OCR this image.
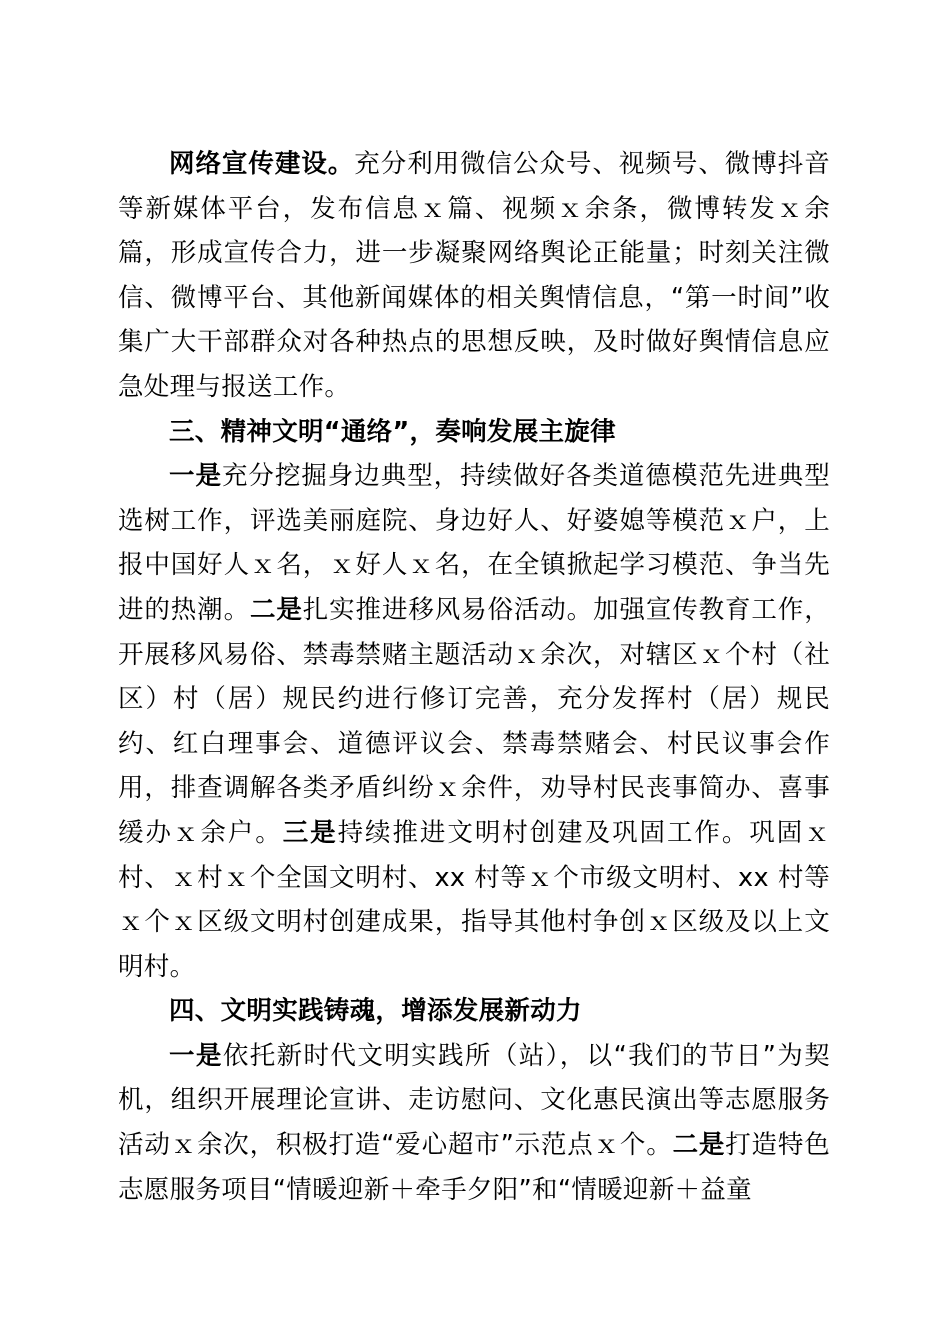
网络宣传建设。充分利用微信公众号、视频号、微博抖音等新媒体平台，发布信息ｘ篇、视频ｘ余条，微博转发ｘ余篇，形成宣传合力，进一步凝聚网络舆论正能量；时刻关注微信、微博平台、其他新闻媒体的相关舆情信息，“第一时间”收集广大干部群众对各种热点的思想反映，及时做好舆情信息应急处理与报送工作。

三、精神文明“通络”，奏响发展主旋律

一是充分挖掘身边典型，持续做好各类道德模范先进典型选树工作，评选美丽庭院、身边好人、好婆媳等模范ｘ户，上报中国好人ｘ名，ｘ好人ｘ名，在全镇掀起学习模范、争当先进的热潮。二是扎实推进移风易俗活动。加强宣传教育工作，开展移风易俗、禁毒禁赌主题活动ｘ余次，对辖区ｘ个村（社区）村（居）规民约进行修订完善，充分发挥村（居）规民约、红白理事会、道德评议会、禁毒禁赌会、村民议事会作用，排查调解各类矛盾纠纷ｘ余件，劝导村民丧事简办、喜事缓办ｘ余户。三是持续推进文明村创建及巩固工作。巩固ｘ村、ｘ村ｘ个全国文明村、xx 村等ｘ个市级文明村、xx 村等ｘ个ｘ区级文明村创建成果，指导其他村争创ｘ区级及以上文明村。

四、文明实践铸魂，增添发展新动力

一是依托新时代文明实践所（站），以“我们的节日”为契机，组织开展理论宣讲、走访慰问、文化惠民演出等志愿服务活动ｘ余次，积极打造“爱心超市”示范点ｘ个。二是打造特色志愿服务项目“情暖迎新＋牵手夕阳”和“情暖迎新＋益童
